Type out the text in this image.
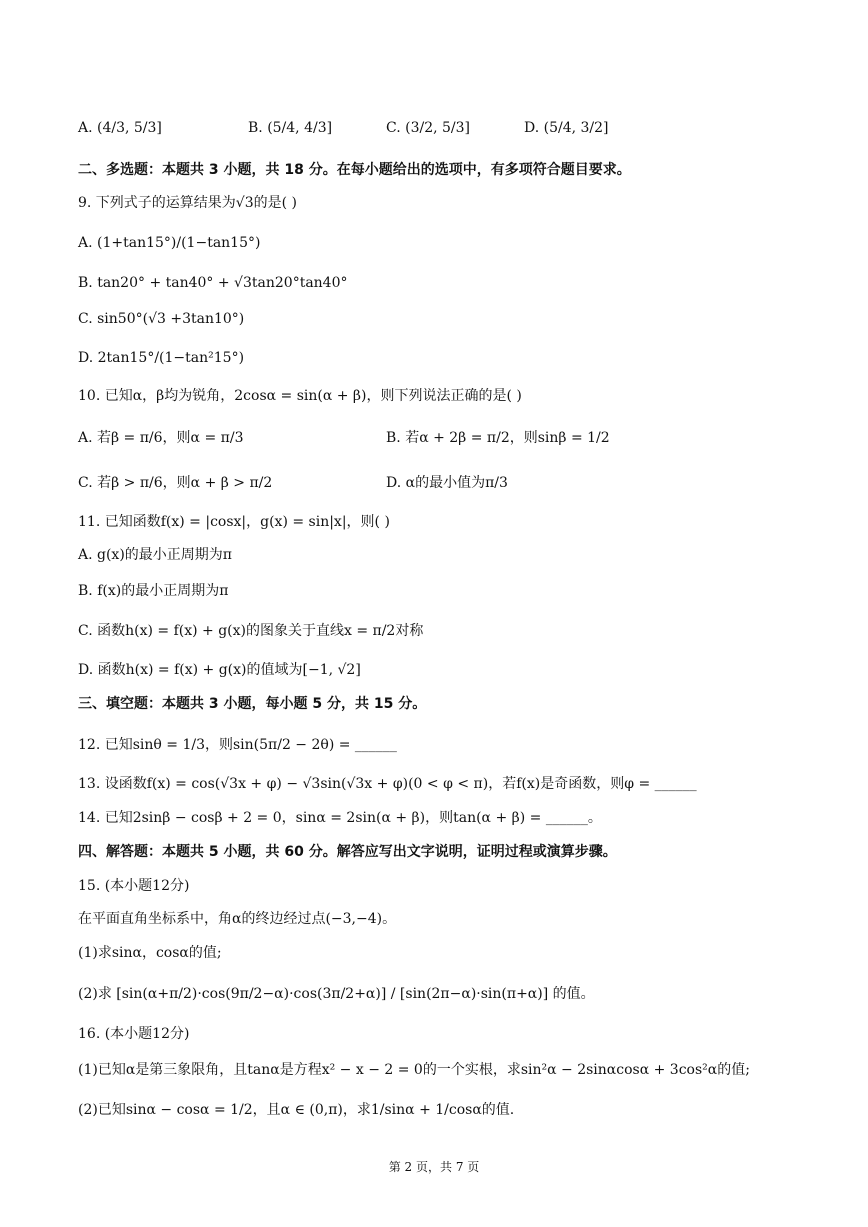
A. (4/3, 5/3]	B. (5/4, 4/3]	C. (3/2, 5/3]	D. (5/4, 3/2]
二、多选题：本题共 3 小题，共 18 分。在每小题给出的选项中，有多项符合题目要求。
9. 下列式子的运算结果为√3的是( )
A. (1+tan15°)/(1−tan15°)
B. tan20° + tan40° + √3tan20°tan40°
C. sin50°(√3 +3tan10°)
D. 2tan15°/(1−tan²15°)
10. 已知α，β均为锐角，2cosα = sin(α + β)，则下列说法正确的是( )
A. 若β = π/6，则α = π/3	B. 若α + 2β = π/2，则sinβ = 1/2
C. 若β > π/6，则α + β > π/2	D. α的最小值为π/3
11. 已知函数f(x) = |cosx|，g(x) = sin|x|，则( )
A. g(x)的最小正周期为π
B. f(x)的最小正周期为π
C. 函数h(x) = f(x) + g(x)的图象关于直线x = π/2对称
D. 函数h(x) = f(x) + g(x)的值域为[−1, √2]
三、填空题：本题共 3 小题，每小题 5 分，共 15 分。
12. 已知sinθ = 1/3，则sin(5π/2 − 2θ) = ______
13. 设函数f(x) = cos(√3x + φ) − √3sin(√3x + φ)(0 < φ < π)，若f(x)是奇函数，则φ = ______
14. 已知2sinβ − cosβ + 2 = 0，sinα = 2sin(α + β)，则tan(α + β) = ______。
四、解答题：本题共 5 小题，共 60 分。解答应写出文字说明，证明过程或演算步骤。
15. (本小题12分)
在平面直角坐标系中，角α的终边经过点(−3,−4)。
(1)求sinα，cosα的值;
(2)求 [sin(α+π/2)·cos(9π/2−α)·cos(3π/2+α)] / [sin(2π−α)·sin(π+α)] 的值。
16. (本小题12分)
(1)已知α是第三象限角，且tanα是方程x² − x − 2 = 0的一个实根，求sin²α − 2sinαcosα + 3cos²α的值;
(2)已知sinα − cosα = 1/2，且α ∈ (0,π)，求1/sinα + 1/cosα的值.
第 2 页，共 7 页
